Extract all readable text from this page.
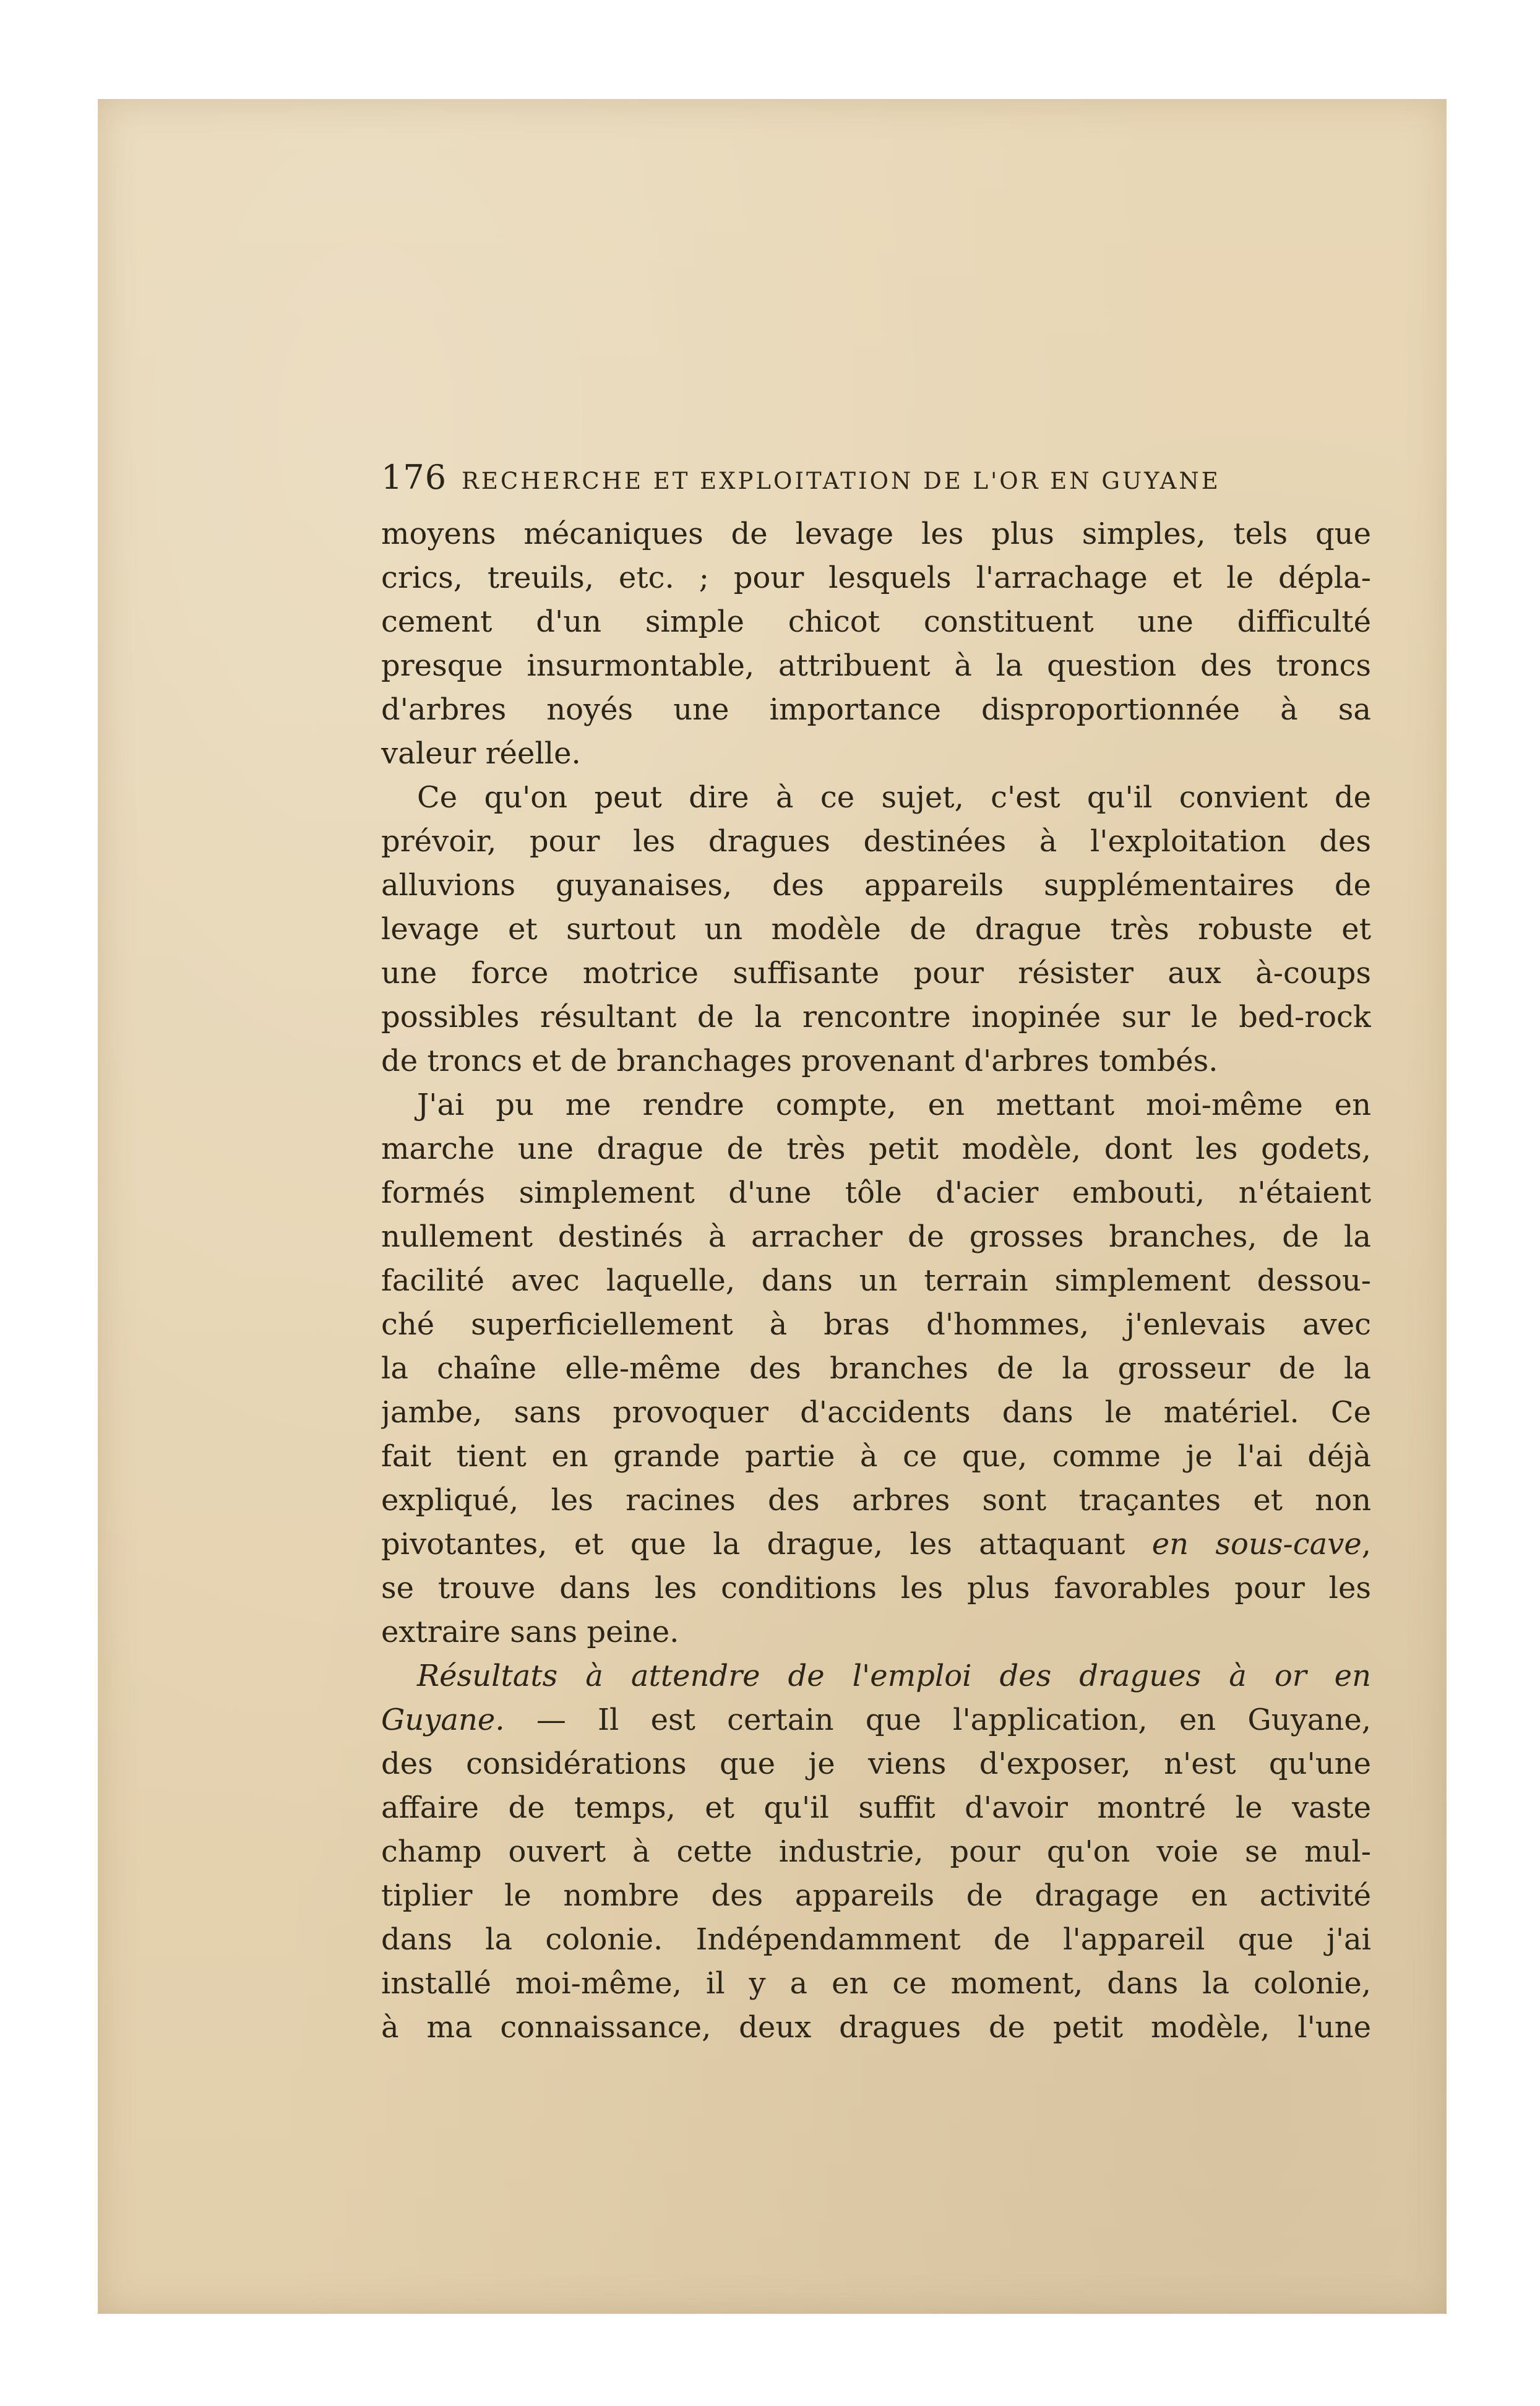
176 RECHERCHE ET EXPLOITATION DE L'OR EN GUYANE
moyens mécaniques de levage les plus simples, tels que
crics, treuils, etc. ; pour lesquels l'arrachage et le dépla-
cement d'un simple chicot constituent une difficulté
presque insurmontable, attribuent à la question des troncs
d'arbres noyés une importance disproportionnée à sa
valeur réelle.
Ce qu'on peut dire à ce sujet, c'est qu'il convient de
prévoir, pour les dragues destinées à l'exploitation des
alluvions guyanaises, des appareils supplémentaires de
levage et surtout un modèle de drague très robuste et
une force motrice suffisante pour résister aux à-coups
possibles résultant de la rencontre inopinée sur le bed-rock
de troncs et de branchages provenant d'arbres tombés.
J'ai pu me rendre compte, en mettant moi-même en
marche une drague de très petit modèle, dont les godets,
formés simplement d'une tôle d'acier embouti, n'étaient
nullement destinés à arracher de grosses branches, de la
facilité avec laquelle, dans un terrain simplement dessou-
ché superficiellement à bras d'hommes, j'enlevais avec
la chaîne elle-même des branches de la grosseur de la
jambe, sans provoquer d'accidents dans le matériel. Ce
fait tient en grande partie à ce que, comme je l'ai déjà
expliqué, les racines des arbres sont traçantes et non
pivotantes, et que la drague, les attaquant en sous-cave,
se trouve dans les conditions les plus favorables pour les
extraire sans peine.
Résultats à attendre de l'emploi des dragues à or en
Guyane. — Il est certain que l'application, en Guyane,
des considérations que je viens d'exposer, n'est qu'une
affaire de temps, et qu'il suffit d'avoir montré le vaste
champ ouvert à cette industrie, pour qu'on voie se mul-
tiplier le nombre des appareils de dragage en activité
dans la colonie. Indépendamment de l'appareil que j'ai
installé moi-même, il y a en ce moment, dans la colonie,
à ma connaissance, deux dragues de petit modèle, l'une
